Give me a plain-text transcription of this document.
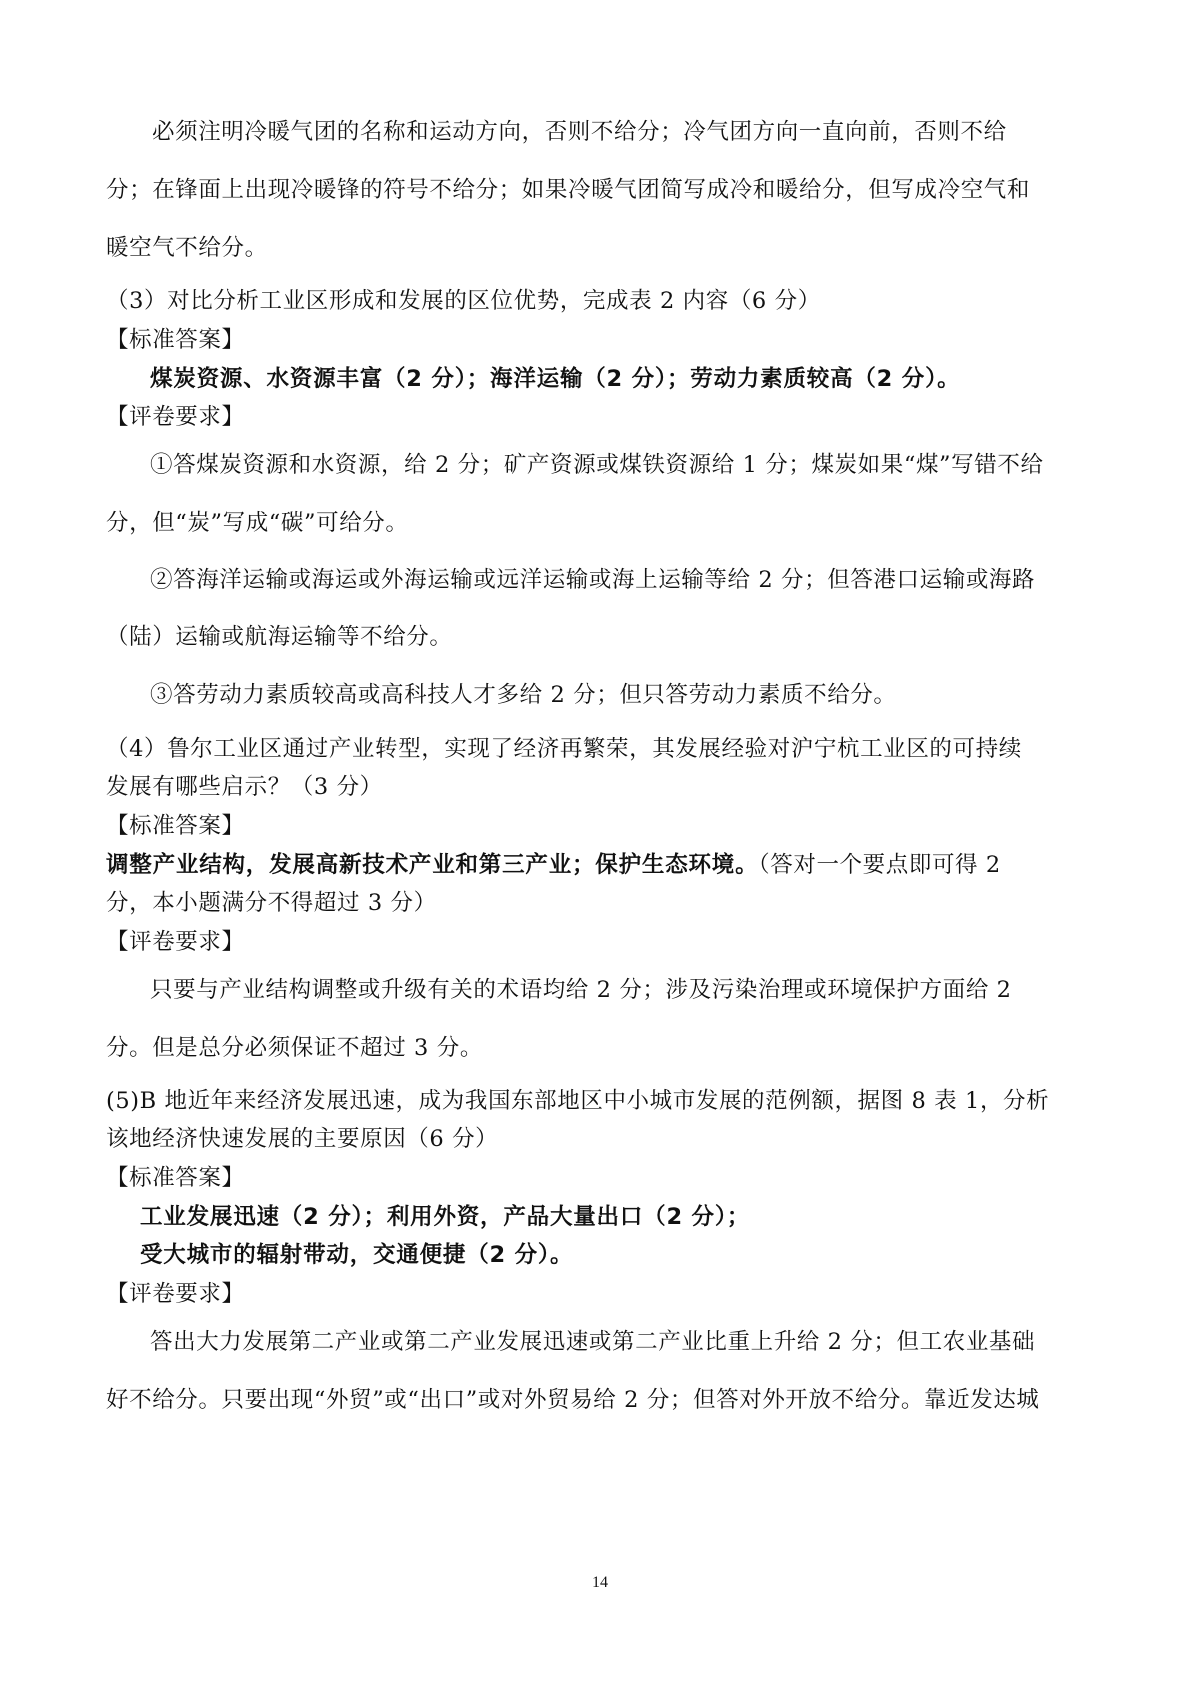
必须注明冷暖气团的名称和运动方向，否则不给分；冷气团方向一直向前，否则不给

分；在锋面上出现冷暖锋的符号不给分；如果冷暖气团简写成冷和暖给分，但写成冷空气和

暖空气不给分。

（3）对比分析工业区形成和发展的区位优势，完成表 2 内容（6 分）

【标准答案】

煤炭资源、水资源丰富（2 分）；海洋运输（2 分）；劳动力素质较高（2 分）。

【评卷要求】

①答煤炭资源和水资源，给 2 分；矿产资源或煤铁资源给 1 分；煤炭如果“煤”写错不给

分，但“炭”写成“碳”可给分。

②答海洋运输或海运或外海运输或远洋运输或海上运输等给 2 分；但答港口运输或海路

（陆）运输或航海运输等不给分。

③答劳动力素质较高或高科技人才多给 2 分；但只答劳动力素质不给分。

（4）鲁尔工业区通过产业转型，实现了经济再繁荣，其发展经验对沪宁杭工业区的可持续

发展有哪些启示？（3 分）

【标准答案】

调整产业结构，发展高新技术产业和第三产业；保护生态环境。（答对一个要点即可得 2

分，本小题满分不得超过 3 分）

【评卷要求】

只要与产业结构调整或升级有关的术语均给 2 分；涉及污染治理或环境保护方面给 2

分。但是总分必须保证不超过 3 分。

(5)B 地近年来经济发展迅速，成为我国东部地区中小城市发展的范例额，据图 8 表 1，分析

该地经济快速发展的主要原因（6 分）

【标准答案】

工业发展迅速（2 分）；利用外资，产品大量出口（2 分）；

受大城市的辐射带动，交通便捷（2 分）。

【评卷要求】

答出大力发展第二产业或第二产业发展迅速或第二产业比重上升给 2 分；但工农业基础

好不给分。只要出现“外贸”或“出口”或对外贸易给 2 分；但答对外开放不给分。靠近发达城

14
